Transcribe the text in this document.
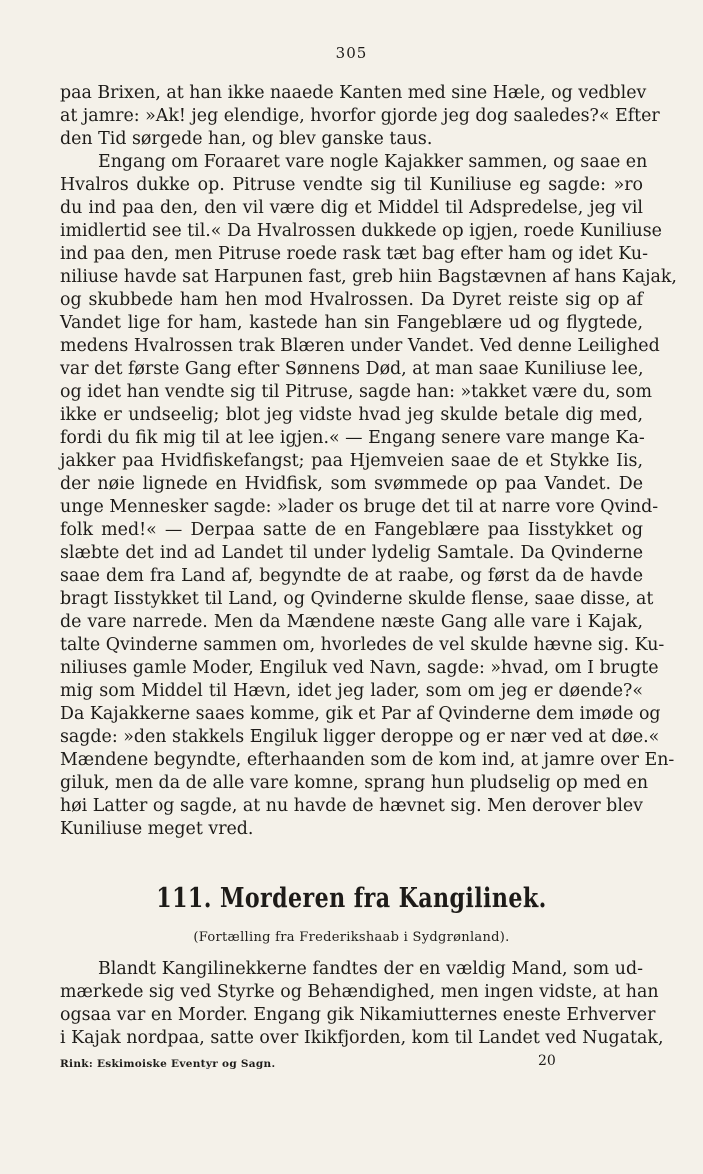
305
paa Brixen, at han ikke naaede Kanten med sine Hæle, og vedblev
at jamre: »Ak! jeg elendige, hvorfor gjorde jeg dog saaledes?« Efter
den Tid sørgede han, og blev ganske taus.
Engang om Foraaret vare nogle Kajakker sammen, og saae en
Hvalros dukke op. Pitruse vendte sig til Kuniliuse eg sagde: »ro
du ind paa den, den vil være dig et Middel til Adspredelse, jeg vil
imidlertid see til.« Da Hvalrossen dukkede op igjen, roede Kuniliuse
ind paa den, men Pitruse roede rask tæt bag efter ham og idet Ku-
niliuse havde sat Harpunen fast, greb hiin Bagstævnen af hans Kajak,
og skubbede ham hen mod Hvalrossen. Da Dyret reiste sig op af
Vandet lige for ham, kastede han sin Fangeblære ud og flygtede,
medens Hvalrossen trak Blæren under Vandet. Ved denne Leilighed
var det første Gang efter Sønnens Død, at man saae Kuniliuse lee,
og idet han vendte sig til Pitruse, sagde han: »takket være du, som
ikke er undseelig; blot jeg vidste hvad jeg skulde betale dig med,
fordi du fik mig til at lee igjen.« — Engang senere vare mange Ka-
jakker paa Hvidfiskefangst; paa Hjemveien saae de et Stykke Iis,
der nøie lignede en Hvidfisk, som svømmede op paa Vandet. De
unge Mennesker sagde: »lader os bruge det til at narre vore Qvind-
folk med!« — Derpaa satte de en Fangeblære paa Iisstykket og
slæbte det ind ad Landet til under lydelig Samtale. Da Qvinderne
saae dem fra Land af, begyndte de at raabe, og først da de havde
bragt Iisstykket til Land, og Qvinderne skulde flense, saae disse, at
de vare narrede. Men da Mændene næste Gang alle vare i Kajak,
talte Qvinderne sammen om, hvorledes de vel skulde hævne sig. Ku-
niliuses gamle Moder, Engiluk ved Navn, sagde: »hvad, om I brugte
mig som Middel til Hævn, idet jeg lader, som om jeg er døende?«
Da Kajakkerne saaes komme, gik et Par af Qvinderne dem imøde og
sagde: »den stakkels Engiluk ligger deroppe og er nær ved at døe.«
Mændene begyndte, efterhaanden som de kom ind, at jamre over En-
giluk, men da de alle vare komne, sprang hun pludselig op med en
høi Latter og sagde, at nu havde de hævnet sig. Men derover blev
Kuniliuse meget vred.
111. Morderen fra Kangilinek.
(Fortælling fra Frederikshaab i Sydgrønland).
Blandt Kangilinekkerne fandtes der en vældig Mand, som ud-
mærkede sig ved Styrke og Behændighed, men ingen vidste, at han
ogsaa var en Morder. Engang gik Nikamiutternes eneste Erhverver
i Kajak nordpaa, satte over Ikikfjorden, kom til Landet ved Nugatak,
Rink: Eskimoiske Eventyr og Sagn.	20
